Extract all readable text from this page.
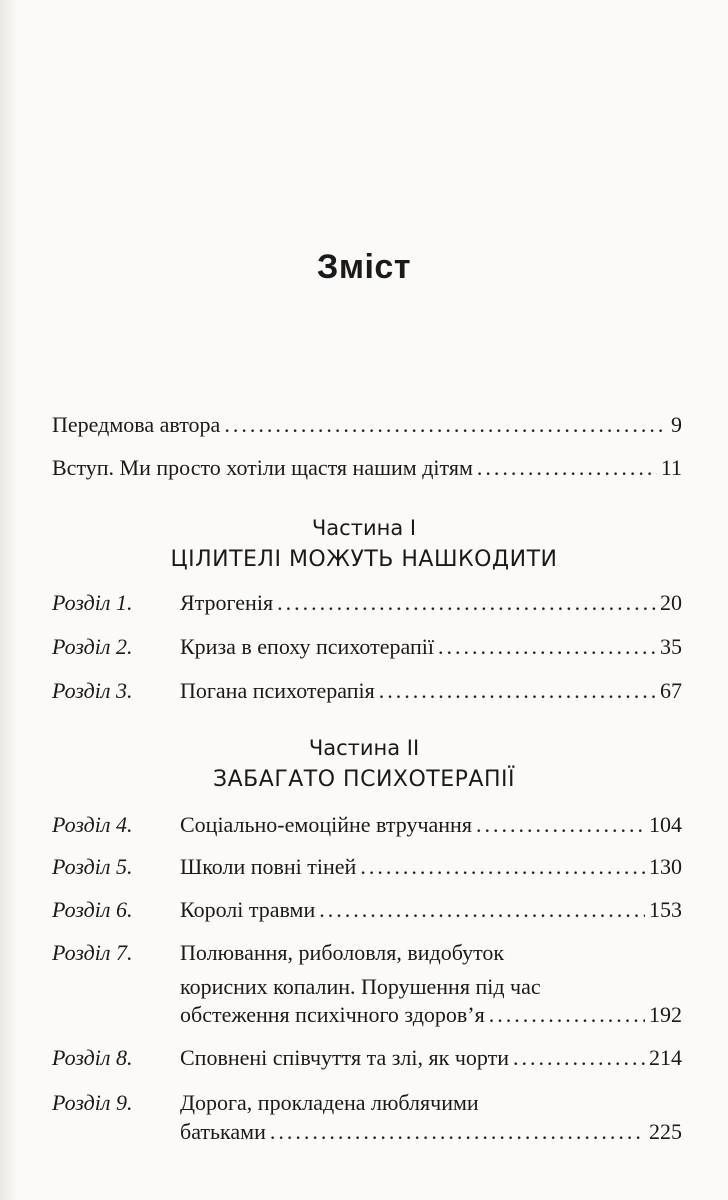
Зміст
Передмова автора .....	9
Вступ. Ми просто хотіли щастя нашим дітям .....	11
Частина І
ЦІЛИТЕЛІ МОЖУТЬ НАШКОДИТИ
Розділ 1. Ятрогенія .....	20
Розділ 2. Криза в епоху психотерапії .....	35
Розділ 3. Погана психотерапія .....	67
Частина ІІ
ЗАБАГАТО ПСИХОТЕРАПІЇ
Розділ 4. Соціально-емоційне втручання .....	104
Розділ 5. Школи повні тіней .....	130
Розділ 6. Королі травми .....	153
Розділ 7. Полювання, риболовля, видобуток
корисних копалин. Порушення під час
обстеження психічного здоров’я .....	192
Розділ 8. Сповнені співчуття та злі, як чорти .....	214
Розділ 9. Дорога, прокладена люблячими
батьками .....	225
